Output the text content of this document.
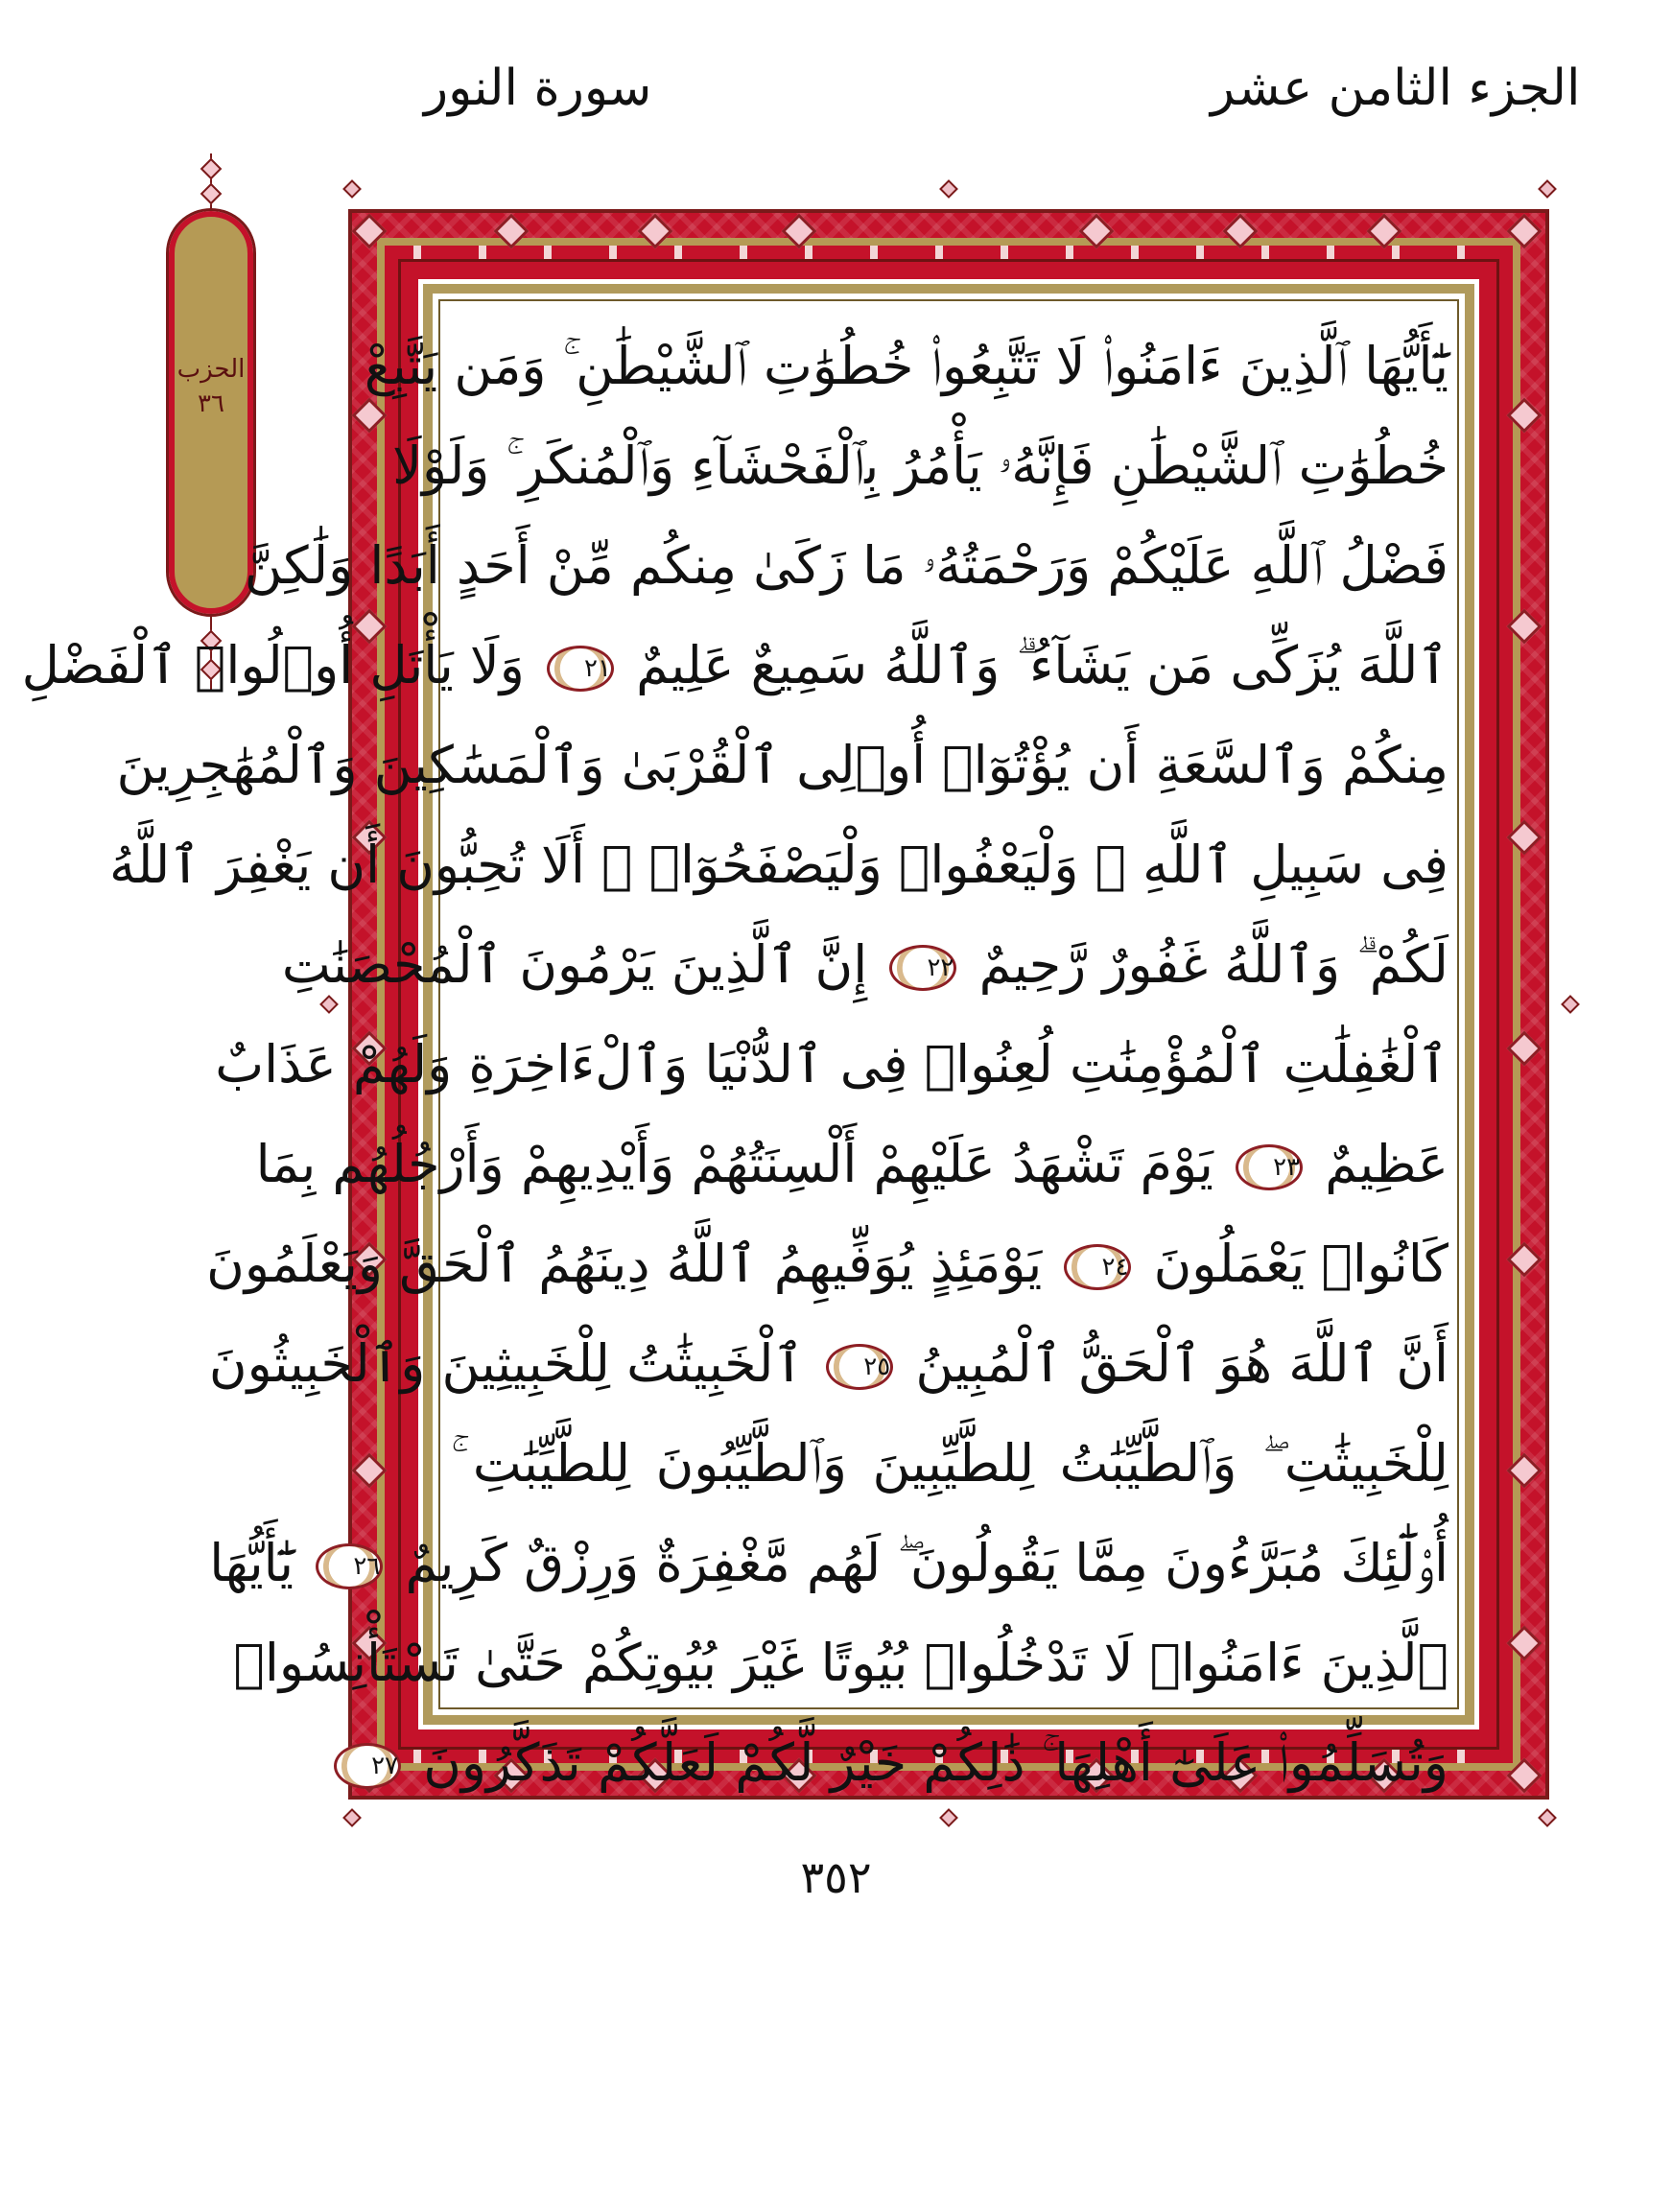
الجزء الثامن عشر
سورة النور
الحزب
٣٦
يَٰٓأَيُّهَا ٱلَّذِينَ ءَامَنُوا۟ لَا تَتَّبِعُوا۟ خُطُوَٰتِ ٱلشَّيْطَٰنِ ۚ وَمَن يَتَّبِعْ
خُطُوَٰتِ ٱلشَّيْطَٰنِ فَإِنَّهُۥ يَأْمُرُ بِٱلْفَحْشَآءِ وَٱلْمُنكَرِ ۚ وَلَوْلَا
فَضْلُ ٱللَّهِ عَلَيْكُمْ وَرَحْمَتُهُۥ مَا زَكَىٰ مِنكُم مِّنْ أَحَدٍ أَبَدًا وَلَٰكِنَّ
ٱللَّهَ يُزَكِّى مَن يَشَآءُ ۗ وَٱللَّهُ سَمِيعٌ عَلِيمٌ ٢١ وَلَا يَأْتَلِ أُو۟لُوا۟ ٱلْفَضْلِ
مِنكُمْ وَٱلسَّعَةِ أَن يُؤْتُوٓا۟ أُو۟لِى ٱلْقُرْبَىٰ وَٱلْمَسَٰكِينَ وَٱلْمُهَٰجِرِينَ
فِى سَبِيلِ ٱللَّهِ ۖ وَلْيَعْفُوا۟ وَلْيَصْفَحُوٓا۟ ۗ أَلَا تُحِبُّونَ أَن يَغْفِرَ ٱللَّهُ
لَكُمْ ۗ وَٱللَّهُ غَفُورٌ رَّحِيمٌ ٢٢ إِنَّ ٱلَّذِينَ يَرْمُونَ ٱلْمُحْصَنَٰتِ
ٱلْغَٰفِلَٰتِ ٱلْمُؤْمِنَٰتِ لُعِنُوا۟ فِى ٱلدُّنْيَا وَٱلْءَاخِرَةِ وَلَهُمْ عَذَابٌ
عَظِيمٌ ٢٣ يَوْمَ تَشْهَدُ عَلَيْهِمْ أَلْسِنَتُهُمْ وَأَيْدِيهِمْ وَأَرْجُلُهُم بِمَا
كَانُوا۟ يَعْمَلُونَ ٢٤ يَوْمَئِذٍ يُوَفِّيهِمُ ٱللَّهُ دِينَهُمُ ٱلْحَقَّ وَيَعْلَمُونَ
أَنَّ ٱللَّهَ هُوَ ٱلْحَقُّ ٱلْمُبِينُ ٢٥ ٱلْخَبِيثَٰتُ لِلْخَبِيثِينَ وَٱلْخَبِيثُونَ
لِلْخَبِيثَٰتِ ۖ وَٱلطَّيِّبَٰتُ لِلطَّيِّبِينَ وَٱلطَّيِّبُونَ لِلطَّيِّبَٰتِ ۚ
أُو۟لَٰٓئِكَ مُبَرَّءُونَ مِمَّا يَقُولُونَ ۖ لَهُم مَّغْفِرَةٌ وَرِزْقٌ كَرِيمٌ ٢٦ يَٰٓأَيُّهَا
ٱلَّذِينَ ءَامَنُوا۟ لَا تَدْخُلُوا۟ بُيُوتًا غَيْرَ بُيُوتِكُمْ حَتَّىٰ تَسْتَأْنِسُوا۟
وَتُسَلِّمُوا۟ عَلَىٰٓ أَهْلِهَا ۚ ذَٰلِكُمْ خَيْرٌ لَّكُمْ لَعَلَّكُمْ تَذَكَّرُونَ ٢٧
٣٥٢
